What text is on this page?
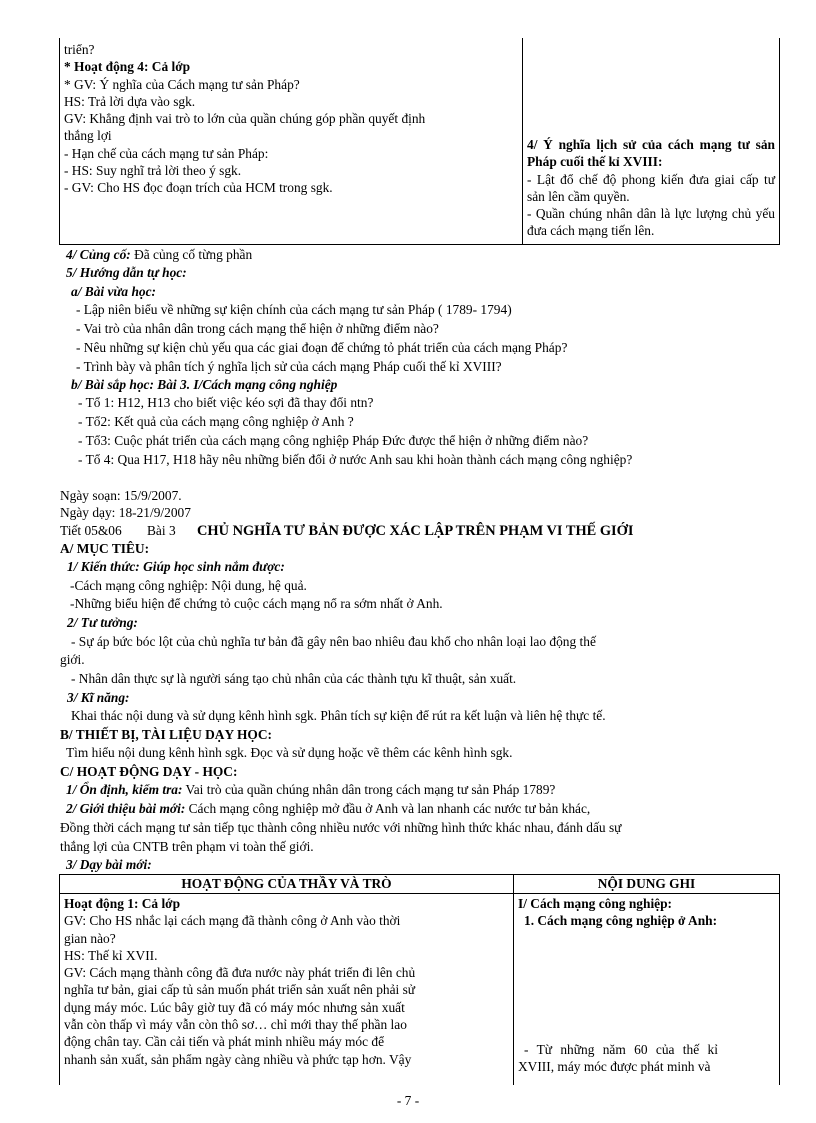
triển?
* Hoạt động 4: Cả lớp
* GV: Ý nghĩa của Cách mạng tư sản Pháp?
HS: Trả lời dựa vào sgk.
GV: Khẳng định vai trò to lớn của quần chúng góp phần quyết định
thắng lợi
- Hạn chế của cách mạng tư sản Pháp:
- HS: Suy nghĩ trả lời theo ý sgk.
- GV: Cho HS đọc đoạn trích của HCM trong sgk.
4/ Ý nghĩa lịch sử của cách mạng tư sản Pháp cuối thế kỉ XVIII:
- Lật đổ chế độ phong kiến đưa giai cấp tư sản lên cầm quyền.
- Quần chúng nhân dân là lực lượng chủ yếu đưa cách mạng tiến lên.
4/ Củng cố: Đã củng cố từng phần
5/ Hướng dẫn tự học:
a/ Bài vừa học:
- Lập niên biểu về những sự kiện chính của cách mạng tư sản Pháp ( 1789- 1794)
- Vai trò của nhân dân trong cách mạng thể hiện ở những điểm nào?
- Nêu những sự kiện chủ yếu qua các giai đoạn để chứng tỏ phát triển của cách mạng Pháp?
- Trình bày và phân tích ý nghĩa lịch sử của cách mạng Pháp cuối thế kỉ XVIII?
b/ Bài sắp học: Bài 3. I/Cách mạng công nghiệp
- Tổ 1: H12, H13 cho biết việc kéo sợi đã thay đổi ntn?
- Tổ2: Kết quả của cách mạng công nghiệp ở Anh ?
- Tổ3: Cuộc phát triển của cách mạng công nghiệp Pháp Đức được thể hiện ở những điểm nào?
- Tổ 4: Qua H17, H18 hãy nêu những biến đổi ở nước Anh sau khi hoàn thành cách mạng công nghiệp?
Ngày soạn: 15/9/2007.
Ngày dạy: 18-21/9/2007
Tiết 05&06 Bài 3 CHỦ NGHĨA TƯ BẢN ĐƯỢC XÁC LẬP TRÊN PHẠM VI THẾ GIỚI
A/ MỤC TIÊU:
1/ Kiến thức: Giúp học sinh nắm được:
-Cách mạng công nghiệp: Nội dung, hệ quả.
-Những biểu hiện để chứng tỏ cuộc cách mạng nổ ra sớm nhất ở Anh.
2/ Tư tưởng:
- Sự áp bức bóc lột của chủ nghĩa tư bản đã gây nên bao nhiêu đau khổ cho nhân loại lao động thế
giới.
- Nhân dân thực sự là người sáng tạo chủ nhân của các thành tựu kĩ thuật, sản xuất.
3/ Kĩ năng:
Khai thác nội dung và sử dụng kênh hình sgk. Phân tích sự kiện để rút ra kết luận và liên hệ thực tế.
B/ THIẾT BỊ, TÀI LIỆU DẠY HỌC:
Tìm hiểu nội dung kênh hình sgk. Đọc và sử dụng hoặc vẽ thêm các kênh hình sgk.
C/ HOẠT ĐỘNG DẠY - HỌC:
1/ Ổn định, kiểm tra: Vai trò của quần chúng nhân dân trong cách mạng tư sản Pháp 1789?
2/ Giới thiệu bài mới: Cách mạng công nghiệp mở đầu ở Anh và lan nhanh các nước tư bản khác,
Đồng thời cách mạng tư sản tiếp tục thành công nhiều nước với những hình thức khác nhau, đánh dấu sự
thắng lợi của CNTB trên phạm vi toàn thế giới.
3/ Dạy bài mới:
HOẠT ĐỘNG CỦA THẦY VÀ TRÒ	NỘI DUNG GHI
Hoạt động 1: Cả lớp
GV: Cho HS nhắc lại cách mạng đã thành công ở Anh vào thời
gian nào?
HS: Thế kỉ XVII.
GV: Cách mạng thành công đã đưa nước này phát triển đi lên chủ
nghĩa tư bản, giai cấp tủ sản muốn phát triển sản xuất nên phải sử
dụng máy móc. Lúc bây giờ tuy đã có máy móc nhưng sản xuất
vẫn còn thấp vì máy vẫn còn thô sơ… chỉ mới thay thế phần lao
động chân tay. Cần cải tiến và phát minh nhiều máy móc để
nhanh sản xuất, sản phẩm ngày càng nhiều và phức tạp hơn. Vậy
I/ Cách mạng công nghiệp:
1. Cách mạng công nghiệp ở Anh:
- Từ những năm 60 của thế kỉ
XVIII, máy móc được phát minh và
- 7 -
